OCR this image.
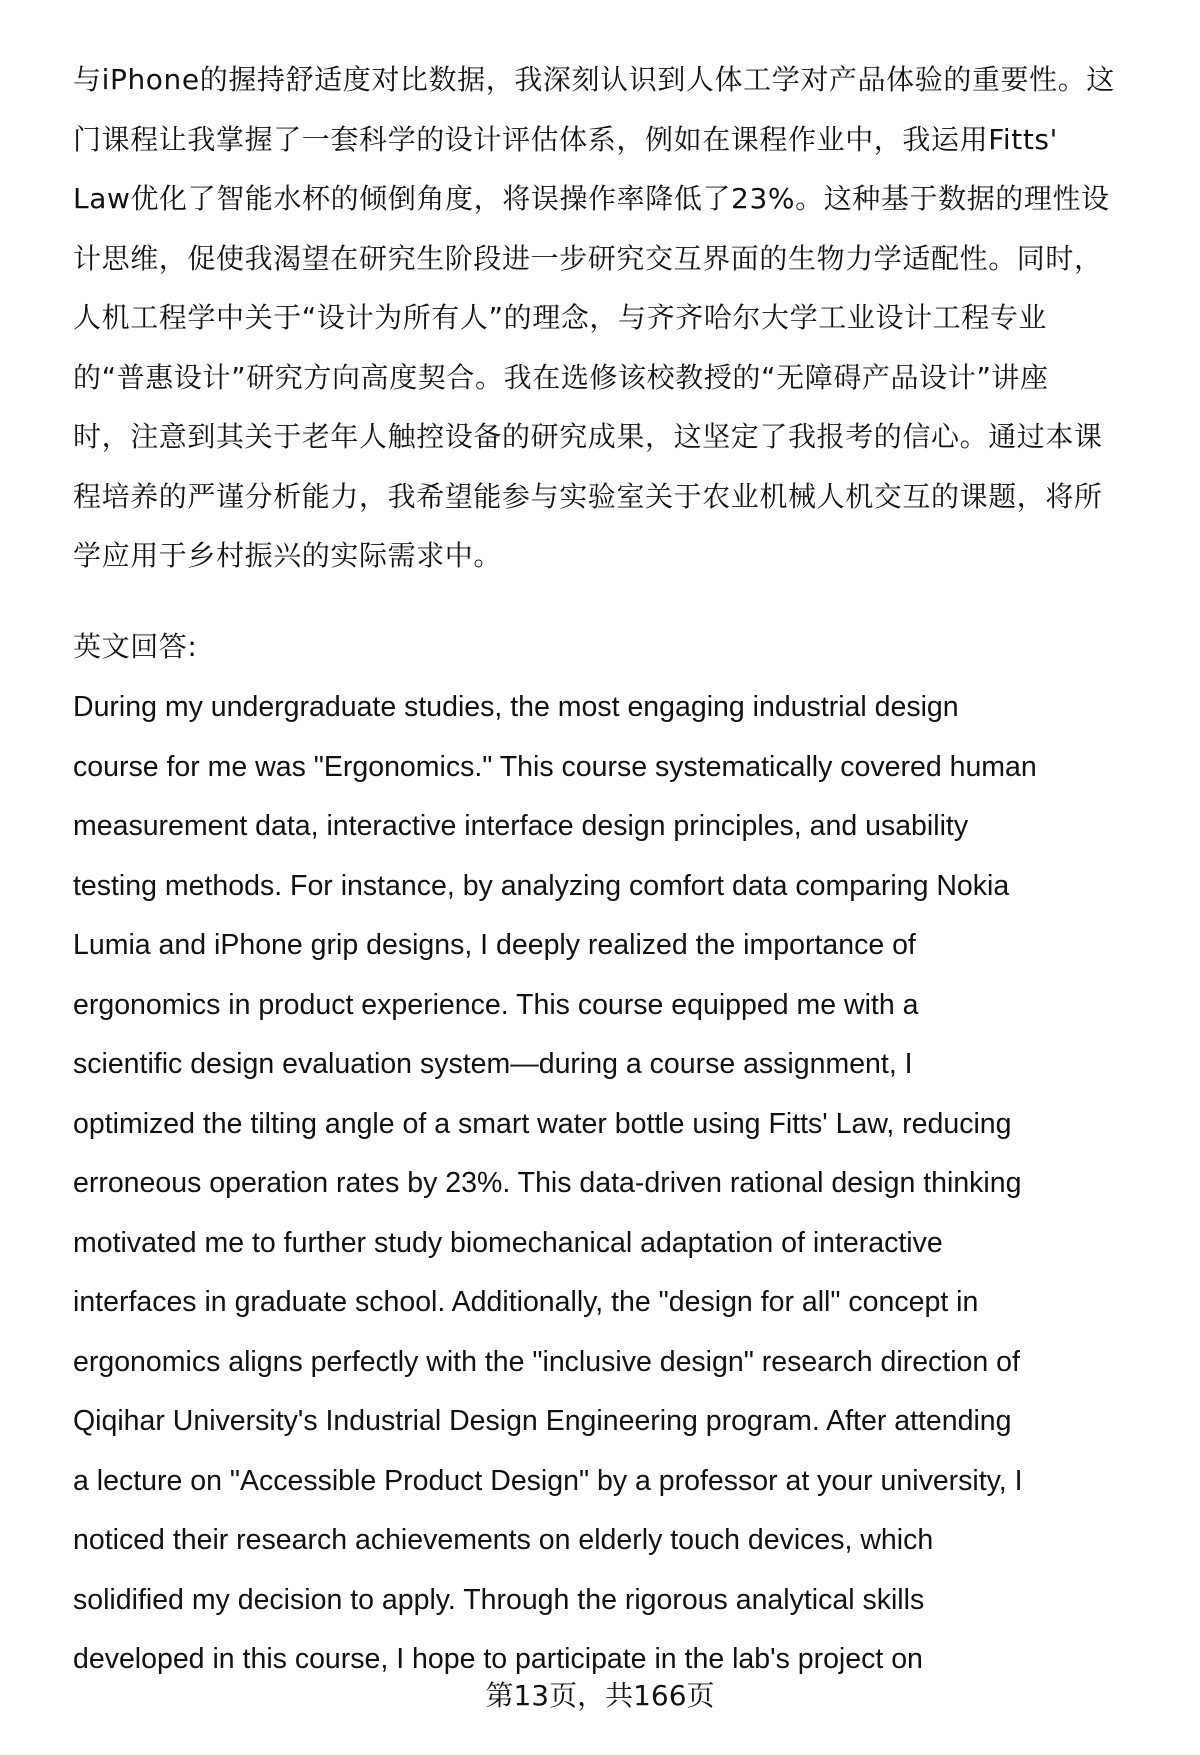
与iPhone的握持舒适度对比数据，我深刻认识到人体工学对产品体验的重要性。这
门课程让我掌握了一套科学的设计评估体系，例如在课程作业中，我运用Fitts'
Law优化了智能水杯的倾倒角度，将误操作率降低了23%。这种基于数据的理性设
计思维，促使我渴望在研究生阶段进一步研究交互界面的生物力学适配性。同时，
人机工程学中关于“设计为所有人”的理念，与齐齐哈尔大学工业设计工程专业
的“普惠设计”研究方向高度契合。我在选修该校教授的“无障碍产品设计”讲座
时，注意到其关于老年人触控设备的研究成果，这坚定了我报考的信心。通过本课
程培养的严谨分析能力，我希望能参与实验室关于农业机械人机交互的课题，将所
学应用于乡村振兴的实际需求中。
英文回答:
During my undergraduate studies, the most engaging industrial design
course for me was "Ergonomics." This course systematically covered human
measurement data, interactive interface design principles, and usability
testing methods. For instance, by analyzing comfort data comparing Nokia
Lumia and iPhone grip designs, I deeply realized the importance of
ergonomics in product experience. This course equipped me with a
scientific design evaluation system—during a course assignment, I
optimized the tilting angle of a smart water bottle using Fitts' Law, reducing
erroneous operation rates by 23%. This data-driven rational design thinking
motivated me to further study biomechanical adaptation of interactive
interfaces in graduate school. Additionally, the "design for all" concept in
ergonomics aligns perfectly with the "inclusive design" research direction of
Qiqihar University's Industrial Design Engineering program. After attending
a lecture on "Accessible Product Design" by a professor at your university, I
noticed their research achievements on elderly touch devices, which
solidified my decision to apply. Through the rigorous analytical skills
developed in this course, I hope to participate in the lab's project on
第13页，共166页
